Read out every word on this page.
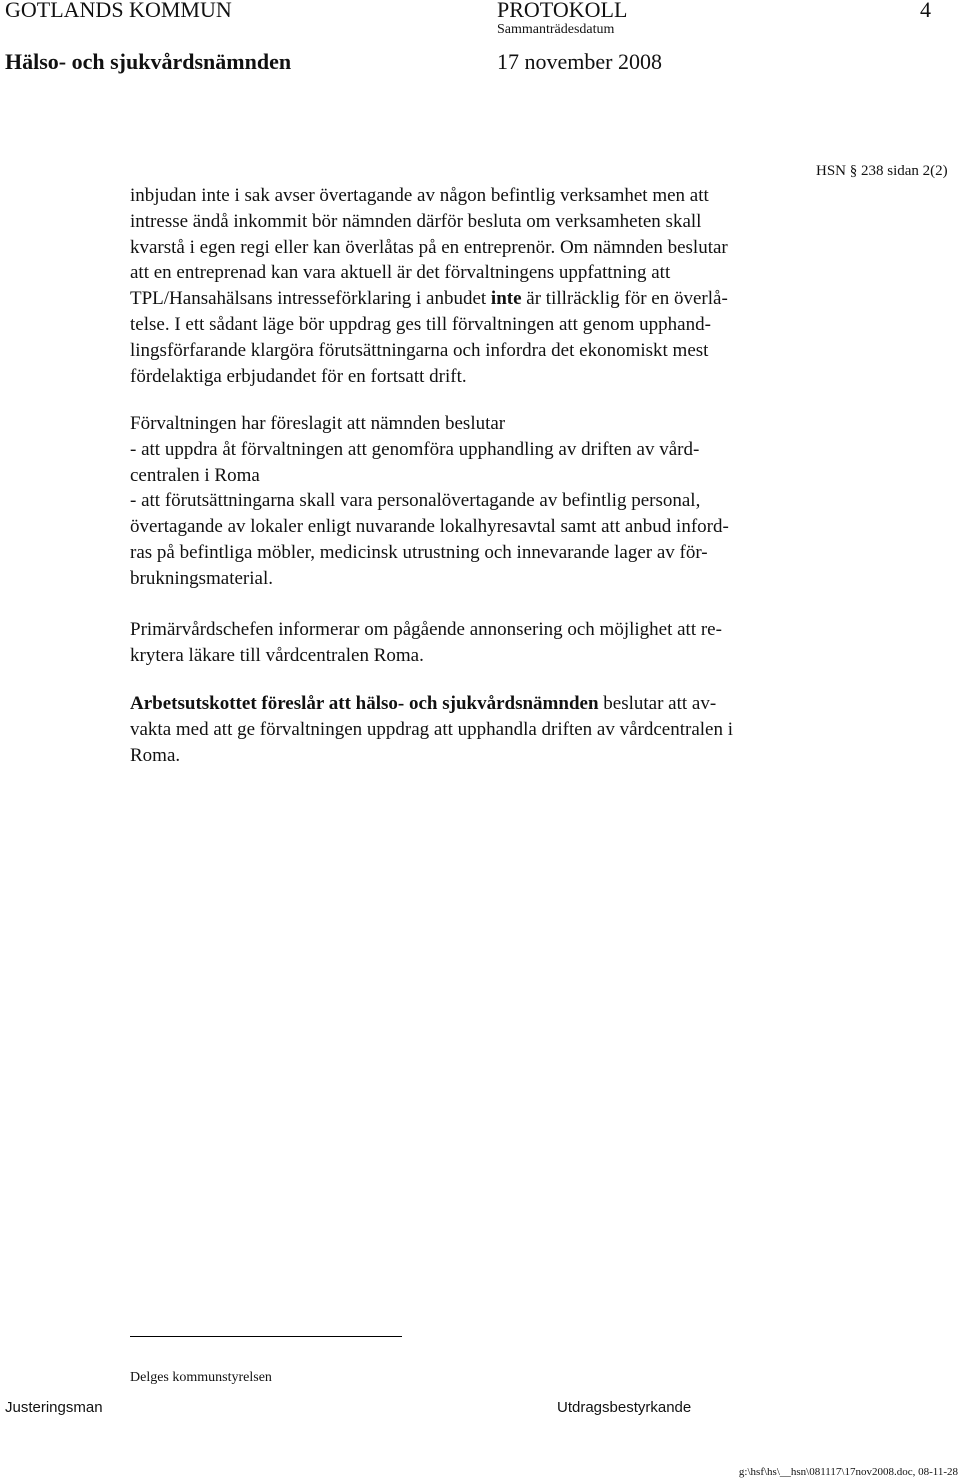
GOTLANDS KOMMUN	PROTOKOLL	4
Sammanträdesdatum
Hälso- och sjukvårdsnämnden	17 november 2008
HSN § 238 sidan 2(2)
inbjudan inte i sak avser övertagande av någon befintlig verksamhet men att
intresse ändå inkommit bör nämnden därför besluta om verksamheten skall
kvarstå i egen regi eller kan överlåtas på en entreprenör. Om nämnden beslutar
att en entreprenad kan vara aktuell är det förvaltningens uppfattning att
TPL/Hansahälsans intresseförklaring i anbudet inte är tillräcklig för en överlå-
telse. I ett sådant läge bör uppdrag ges till förvaltningen att genom upphand-
lingsförfarande klargöra förutsättningarna och infordra det ekonomiskt mest
fördelaktiga erbjudandet för en fortsatt drift.
Förvaltningen har föreslagit att nämnden beslutar
- att uppdra åt förvaltningen att genomföra upphandling av driften av vård-
centralen i Roma
- att förutsättningarna skall vara personalövertagande av befintlig personal,
övertagande av lokaler enligt nuvarande lokalhyresavtal samt att anbud inford-
ras på befintliga möbler, medicinsk utrustning och innevarande lager av för-
brukningsmaterial.
Primärvårdschefen informerar om pågående annonsering och möjlighet att re-
krytera läkare till vårdcentralen Roma.
Arbetsutskottet föreslår att hälso- och sjukvårdsnämnden beslutar att av-
vakta med att ge förvaltningen uppdrag att upphandla driften av vårdcentralen i
Roma.
Delges kommunstyrelsen
Justeringsman	Utdragsbestyrkande
g:\hsf\hs\__hsn\081117\17nov2008.doc, 08-11-28
